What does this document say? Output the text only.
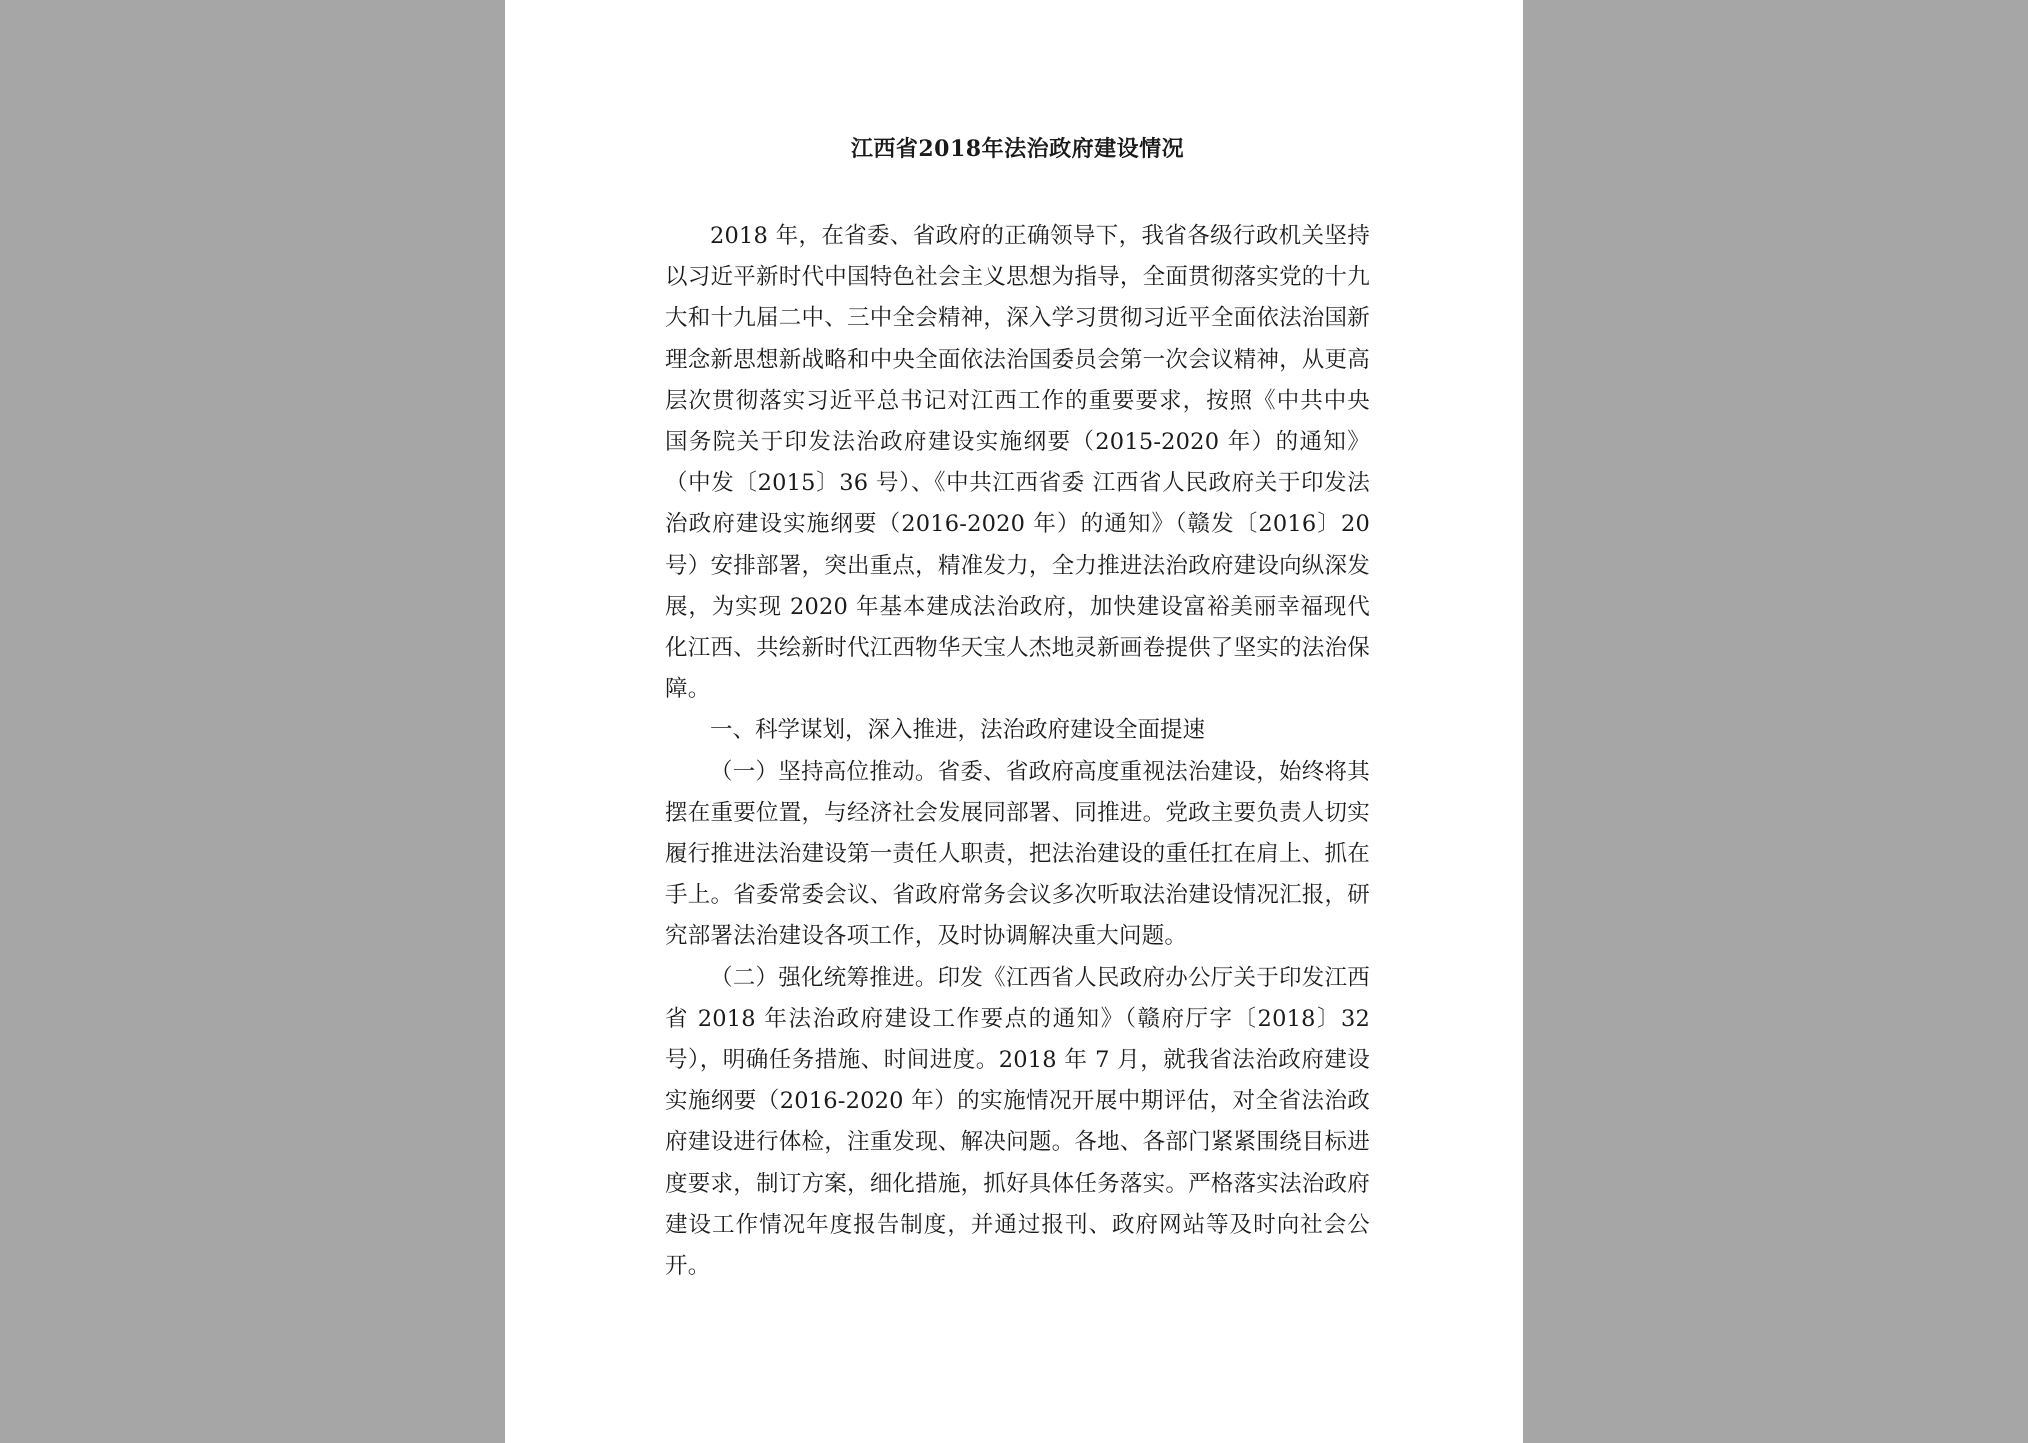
江西省2018年法治政府建设情况

2018 年，在省委、省政府的正确领导下，我省各级行政机关坚持以习近平新时代中国特色社会主义思想为指导，全面贯彻落实党的十九大和十九届二中、三中全会精神，深入学习贯彻习近平全面依法治国新理念新思想新战略和中央全面依法治国委员会第一次会议精神，从更高层次贯彻落实习近平总书记对江西工作的重要要求，按照《中共中央 国务院关于印发法治政府建设实施纲要（2015-2020 年）的通知》（中发〔2015〕36 号）、《中共江西省委 江西省人民政府关于印发法治政府建设实施纲要（2016-2020 年）的通知》（赣发〔2016〕20 号）安排部署，突出重点，精准发力，全力推进法治政府建设向纵深发展，为实现 2020 年基本建成法治政府，加快建设富裕美丽幸福现代化江西、共绘新时代江西物华天宝人杰地灵新画卷提供了坚实的法治保障。

一、科学谋划，深入推进，法治政府建设全面提速

（一）坚持高位推动。省委、省政府高度重视法治建设，始终将其摆在重要位置，与经济社会发展同部署、同推进。党政主要负责人切实履行推进法治建设第一责任人职责，把法治建设的重任扛在肩上、抓在手上。省委常委会议、省政府常务会议多次听取法治建设情况汇报，研究部署法治建设各项工作，及时协调解决重大问题。

（二）强化统筹推进。印发《江西省人民政府办公厅关于印发江西省 2018 年法治政府建设工作要点的通知》（赣府厅字〔2018〕32 号），明确任务措施、时间进度。2018 年 7 月，就我省法治政府建设实施纲要（2016-2020 年）的实施情况开展中期评估，对全省法治政府建设进行体检，注重发现、解决问题。各地、各部门紧紧围绕目标进度要求，制订方案，细化措施，抓好具体任务落实。严格落实法治政府建设工作情况年度报告制度，并通过报刊、政府网站等及时向社会公开。
